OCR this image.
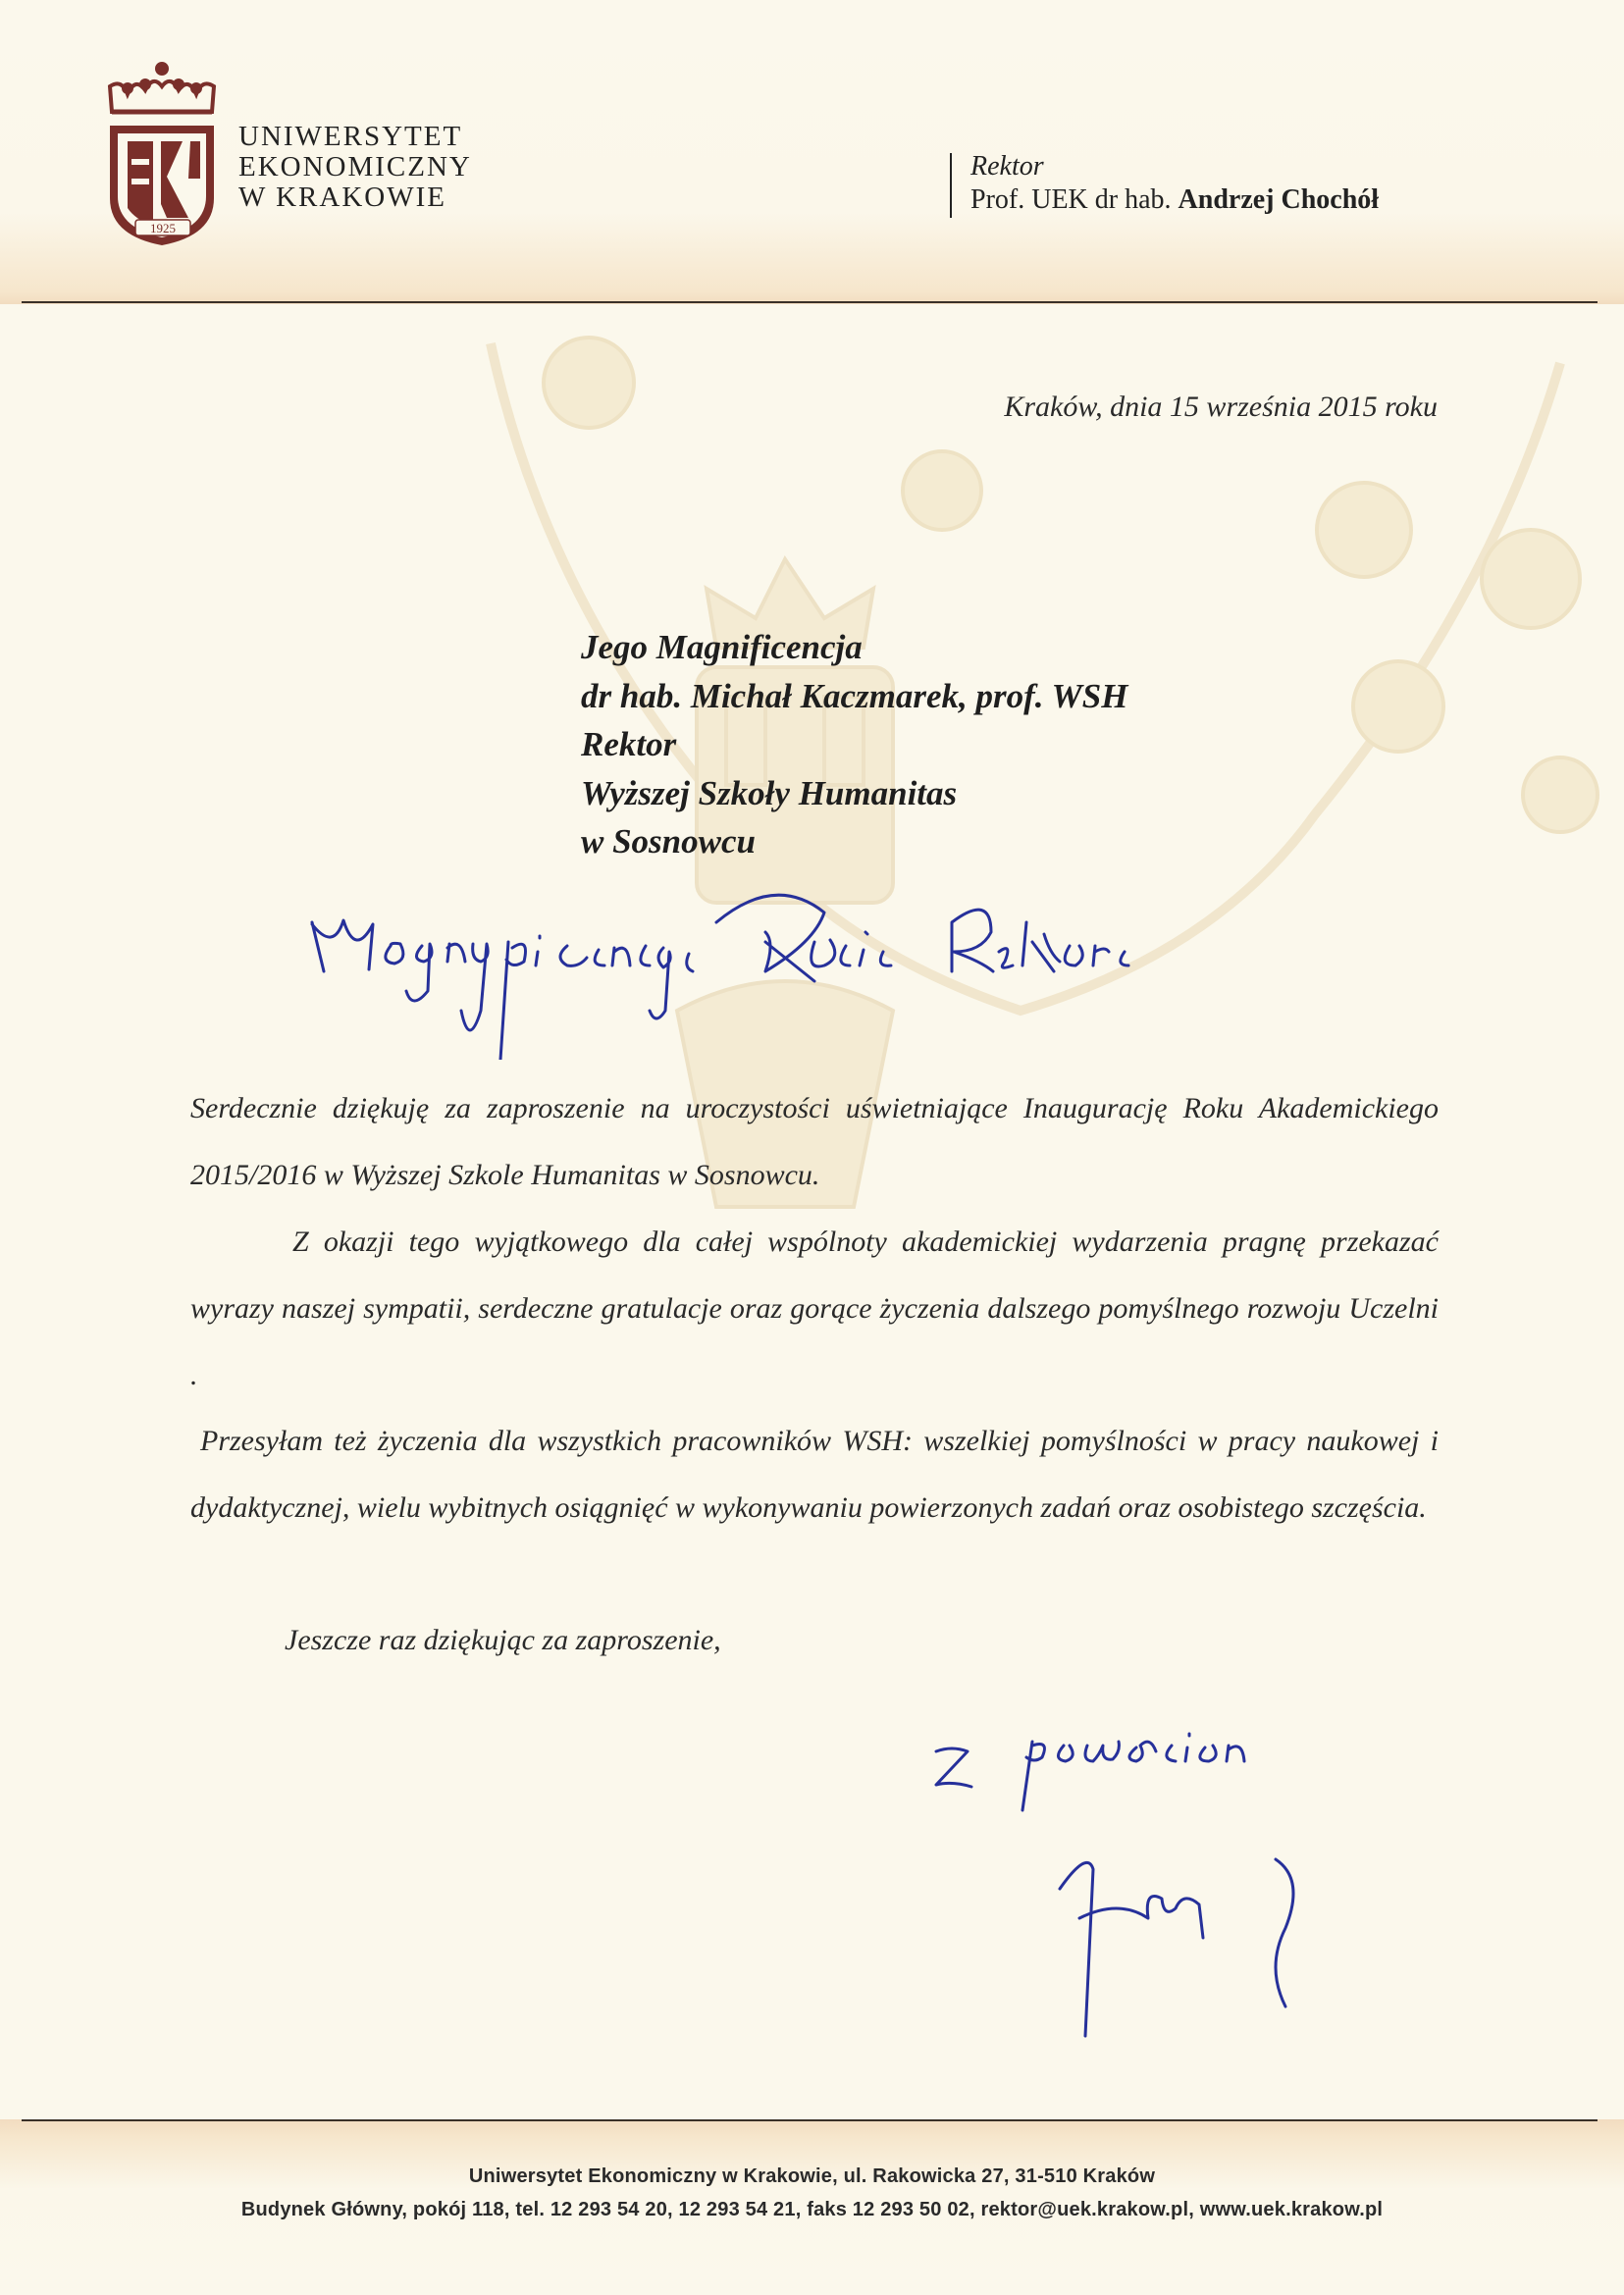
1925

UNIWERSYTET
EKONOMICZNY
W KRAKOWIE

Rektor

Prof. UEK dr hab. Andrzej Chochół

Kraków, dnia 15 września 2015 roku

Jego Magnificencja
dr hab. Michał Kaczmarek, prof. WSH
Rektor
Wyższej Szkoły Humanitas
w Sosnowcu

Serdecznie dziękuję za zaproszenie na uroczystości uświetniające Inaugurację Roku Akademickiego 2015/2016 w Wyższej Szkole Humanitas w Sosnowcu.

Z okazji tego wyjątkowego dla całej wspólnoty akademickiej wydarzenia pragnę przekazać wyrazy naszej sympatii, serdeczne gratulacje oraz gorące życzenia dalszego pomyślnego rozwoju Uczelni .

Przesyłam też życzenia dla wszystkich pracowników WSH: wszelkiej pomyślności w pracy naukowej i dydaktycznej, wielu wybitnych osiągnięć w wykonywaniu powierzonych zadań oraz osobistego szczęścia.

Jeszcze raz dziękując za zaproszenie,

Uniwersytet Ekonomiczny w Krakowie, ul. Rakowicka 27, 31-510 Kraków

Budynek Główny, pokój 118, tel. 12 293 54 20, 12 293 54 21, faks 12 293 50 02, rektor@uek.krakow.pl, www.uek.krakow.pl
